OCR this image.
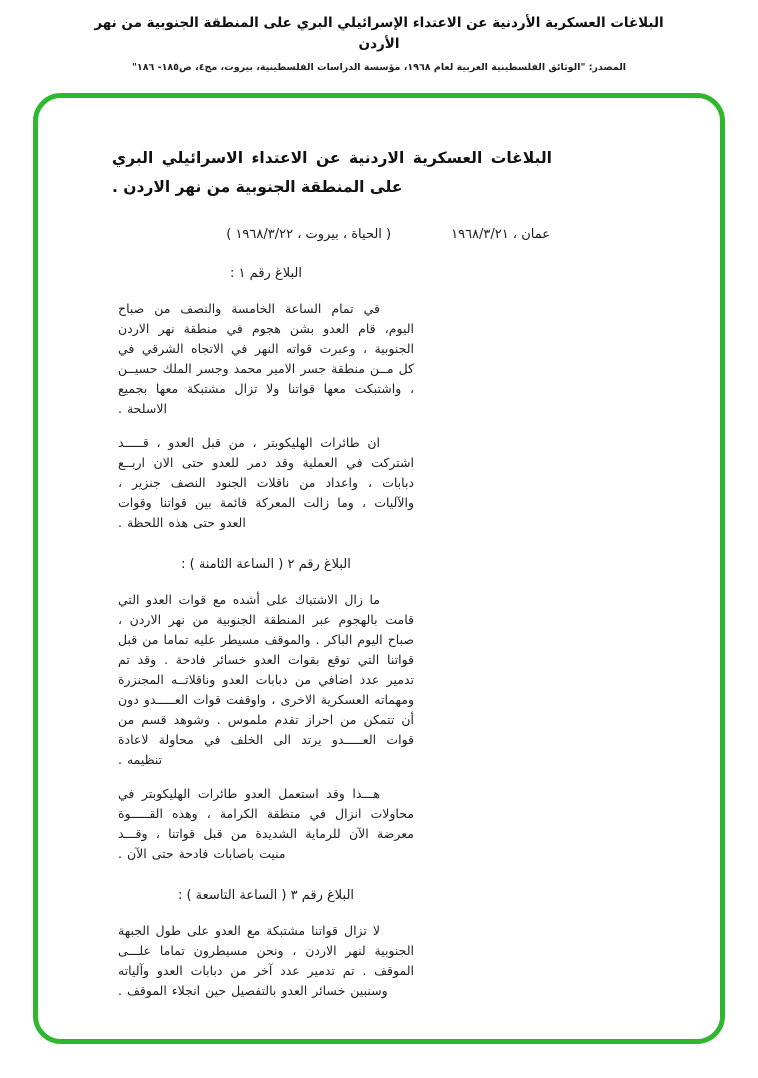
البلاغات العسكرية الأردنية عن الاعتداء الإسرائيلي البري على المنطقة الجنوبية من نهر الأردن
المصدر: "الوثائق الفلسطينية العربية لعام ١٩٦٨، مؤسسة الدراسات الفلسطينية، بيروت، مج٤، ص١٨٥- ١٨٦"
البلاغات العسكرية الاردنية عن الاعتداء الاسرائيلي البري على المنطقة الجنوبية من نهر الاردن .
عمان ، ١٩٦٨/٣/٢١
( الحياة ، بيروت ، ١٩٦٨/٣/٢٢ )
البلاغ رقم ١ :

في تمام الساعة الخامسة والنصف من صباح اليوم، قام العدو بشن هجوم في منطقة نهر الاردن الجنوبية ، وعبرت قواته النهر في الاتجاه الشرقي في كل مــن منطقة جسر الامير محمد وجسر الملك حسيــن ، واشتبكت معها قواتنا ولا تزال مشتبكة معها بجميع الاسلحة .

ان طائرات الهليكوبتر ، من قبل العدو ، قـــــد اشتركت في العملية وقد دمر للعدو حتى الان اربــع دبابات ، واعداد من ناقلات الجنود النصف جنزير ، والآليات ، وما زالت المعركة قائمة بين قواتنا وقوات العدو حتى هذه اللحظة .

البلاغ رقم ٢ ( الساعة الثامنة ) :

ما زال الاشتباك على أشده مع قوات العدو التي قامت بالهجوم عبر المنطقة الجنوبية من نهر الاردن ، صباح اليوم الباكر . والموقف مسيطر عليه تماما من قبل قواتنا التي توقع بقوات العدو خسائر فادحة . وقد تم تدمير عدد اضافي من دبابات العدو وناقلاتــه المجنزرة ومهماته العسكرية الاخرى ، واوقفت قوات العـــــدو دون أن تتمكن من احراز تقدم ملموس . وشوهد قسم من قوات العـــــدو يرتد الى الخلف في محاولة لاعادة تنظيمه .

هـــذا وقد استعمل العدو طائرات الهليكوبتر في محاولات انزال في منطقة الكرامة ، وهذه القـــــوة معرضة الآن للرماية الشديدة من قبل قواتنا ، وقـــد منيت باصابات فادحة حتى الآن .

البلاغ رقم ٣ ( الساعة التاسعة ) :

لا تزال قواتنا مشتبكة مع العدو على طول الجبهة الجنوبية لنهر الاردن ، ونحن مسيطرون تماما علـــى الموقف . تم تدمير عدد آخر من دبابات العدو وآلياته وسنبين خسائر العدو بالتفصيل حين انجلاء الموقف .
